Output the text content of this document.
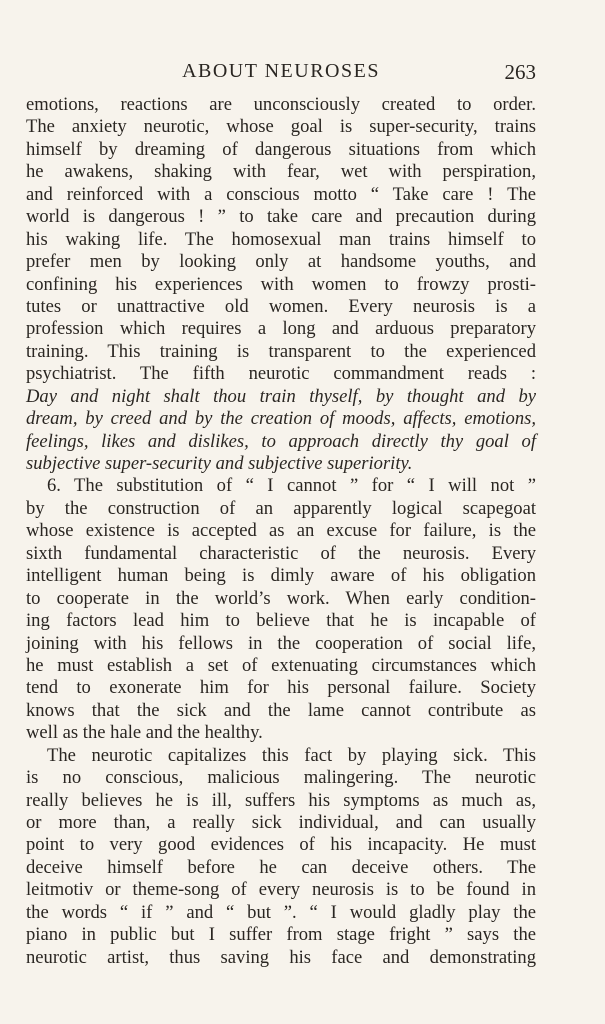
ABOUT NEUROSES	263
emotions, reactions are unconsciously created to order.
The anxiety neurotic, whose goal is super-security, trains
himself by dreaming of dangerous situations from which
he awakens, shaking with fear, wet with perspiration,
and reinforced with a conscious motto “ Take care ! The
world is dangerous ! ” to take care and precaution during
his waking life. The homosexual man trains himself to
prefer men by looking only at handsome youths, and
confining his experiences with women to frowzy prosti-
tutes or unattractive old women. Every neurosis is a
profession which requires a long and arduous preparatory
training. This training is transparent to the experienced
psychiatrist. The fifth neurotic commandment reads :
Day and night shalt thou train thyself, by thought and by
dream, by creed and by the creation of moods, affects, emotions,
feelings, likes and dislikes, to approach directly thy goal of
subjective super-security and subjective superiority.
6. The substitution of “ I cannot ” for “ I will not ”
by the construction of an apparently logical scapegoat
whose existence is accepted as an excuse for failure, is the
sixth fundamental characteristic of the neurosis. Every
intelligent human being is dimly aware of his obligation
to cooperate in the world’s work. When early condition-
ing factors lead him to believe that he is incapable of
joining with his fellows in the cooperation of social life,
he must establish a set of extenuating circumstances which
tend to exonerate him for his personal failure. Society
knows that the sick and the lame cannot contribute as
well as the hale and the healthy.
The neurotic capitalizes this fact by playing sick. This
is no conscious, malicious malingering. The neurotic
really believes he is ill, suffers his symptoms as much as,
or more than, a really sick individual, and can usually
point to very good evidences of his incapacity. He must
deceive himself before he can deceive others. The
leitmotiv or theme-song of every neurosis is to be found in
the words “ if ” and “ but ”. “ I would gladly play the
piano in public but I suffer from stage fright ” says the
neurotic artist, thus saving his face and demonstrating
